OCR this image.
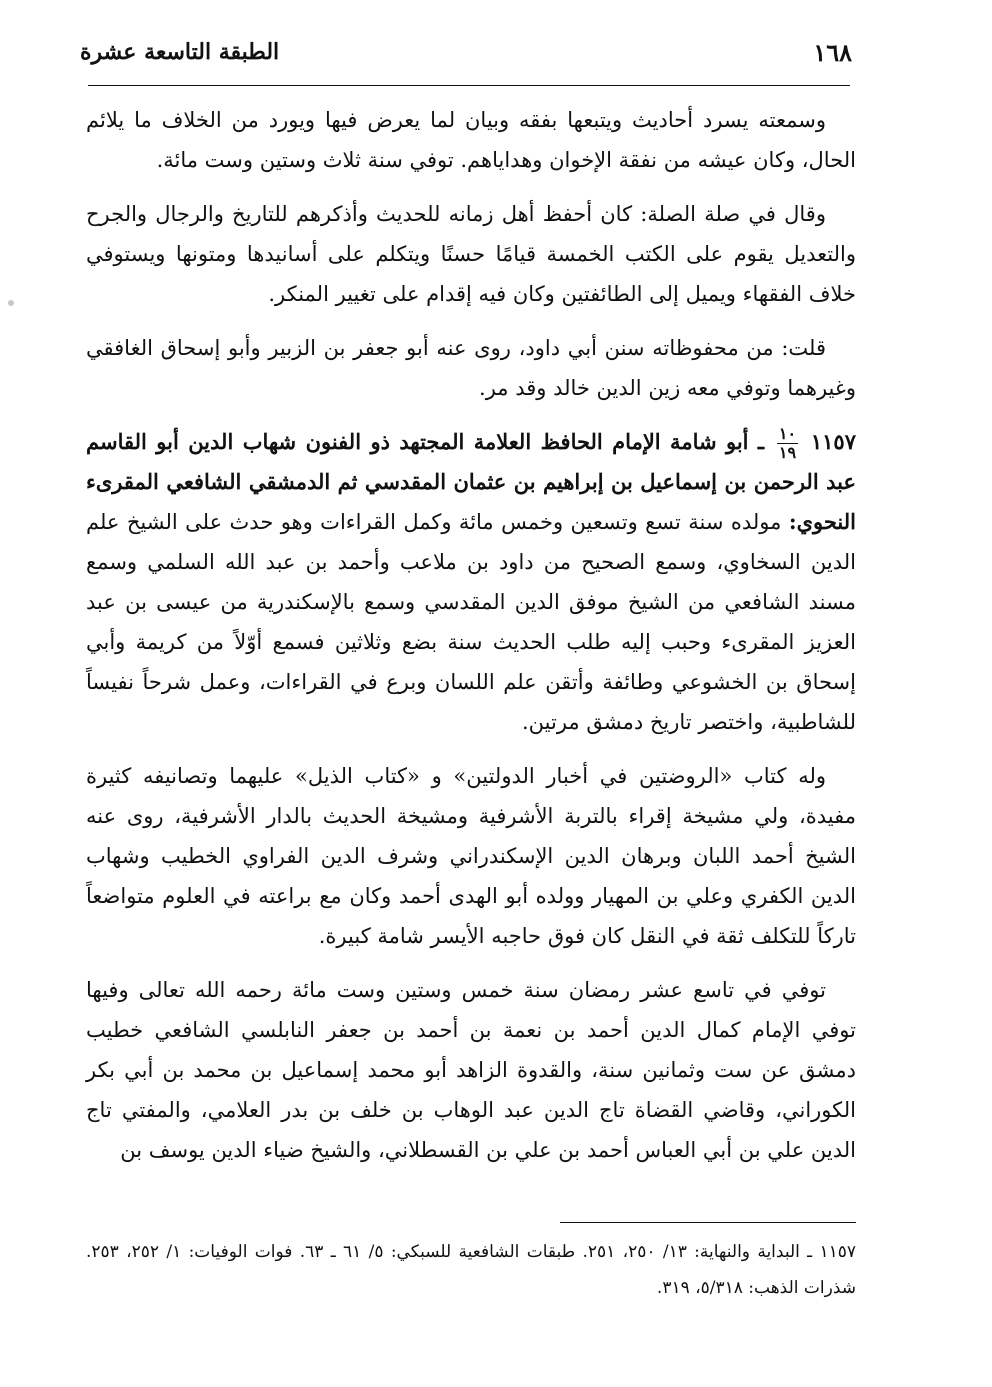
١٦٨
الطبقة التاسعة عشرة

وسمعته يسرد أحاديث ويتبعها بفقه وبيان لما يعرض فيها ويورد من الخلاف ما يلائم الحال، وكان عيشه من نفقة الإخوان وهداياهم. توفي سنة ثلاث وستين وست مائة.

وقال في صلة الصلة: كان أحفظ أهل زمانه للحديث وأذكرهم للتاريخ والرجال والجرح والتعديل يقوم على الكتب الخمسة قيامًا حسنًا ويتكلم على أسانيدها ومتونها ويستوفي خلاف الفقهاء ويميل إلى الطائفتين وكان فيه إقدام على تغيير المنكر.

قلت: من محفوظاته سنن أبي داود، روى عنه أبو جعفر بن الزبير وأبو إسحاق الغافقي وغيرهما وتوفي معه زين الدين خالد وقد مر.

١١٥٧
$\frac{١٠}{١٩}$
ـ أبو شامة الإمام الحافظ العلامة المجتهد ذو الفنون شهاب الدين أبو القاسم عبد الرحمن بن إسماعيل بن إبراهيم بن عثمان المقدسي ثم الدمشقي الشافعي المقرىء النحوي: مولده سنة تسع وتسعين وخمس مائة وكمل القراءات وهو حدث على الشيخ علم الدين السخاوي، وسمع الصحيح من داود بن ملاعب وأحمد بن عبد الله السلمي وسمع مسند الشافعي من الشيخ موفق الدين المقدسي وسمع بالإسكندرية من عيسى بن عبد العزيز المقرىء وحبب إليه طلب الحديث سنة بضع وثلاثين فسمع أوّلاً من كريمة وأبي إسحاق بن الخشوعي وطائفة وأتقن علم اللسان وبرع في القراءات، وعمل شرحاً نفيساً للشاطبية، واختصر تاريخ دمشق مرتين.

وله كتاب «الروضتين في أخبار الدولتين» و «كتاب الذيل» عليهما وتصانيفه كثيرة مفيدة، ولي مشيخة إقراء بالتربة الأشرفية ومشيخة الحديث بالدار الأشرفية، روى عنه الشيخ أحمد اللبان وبرهان الدين الإسكندراني وشرف الدين الفراوي الخطيب وشهاب الدين الكفري وعلي بن المهيار وولده أبو الهدى أحمد وكان مع براعته في العلوم متواضعاً تاركاً للتكلف ثقة في النقل كان فوق حاجبه الأيسر شامة كبيرة.

توفي في تاسع عشر رمضان سنة خمس وستين وست مائة رحمه الله تعالى وفيها توفي الإمام كمال الدين أحمد بن نعمة بن أحمد بن جعفر النابلسي الشافعي خطيب دمشق عن ست وثمانين سنة، والقدوة الزاهد أبو محمد إسماعيل بن محمد بن أبي بكر الكوراني، وقاضي القضاة تاج الدين عبد الوهاب بن خلف بن بدر العلامي، والمفتي تاج الدين علي بن أبي العباس أحمد بن علي بن القسطلاني، والشيخ ضياء الدين يوسف بن

١١٥٧ ـ البداية والنهاية: ١٣/ ٢٥٠، ٢٥١. طبقات الشافعية للسبكي: ٥/ ٦١ ـ ٦٣. فوات الوفيات: ١/ ٢٥٢، ٢٥٣. شذرات الذهب: ٥/٣١٨، ٣١٩.
